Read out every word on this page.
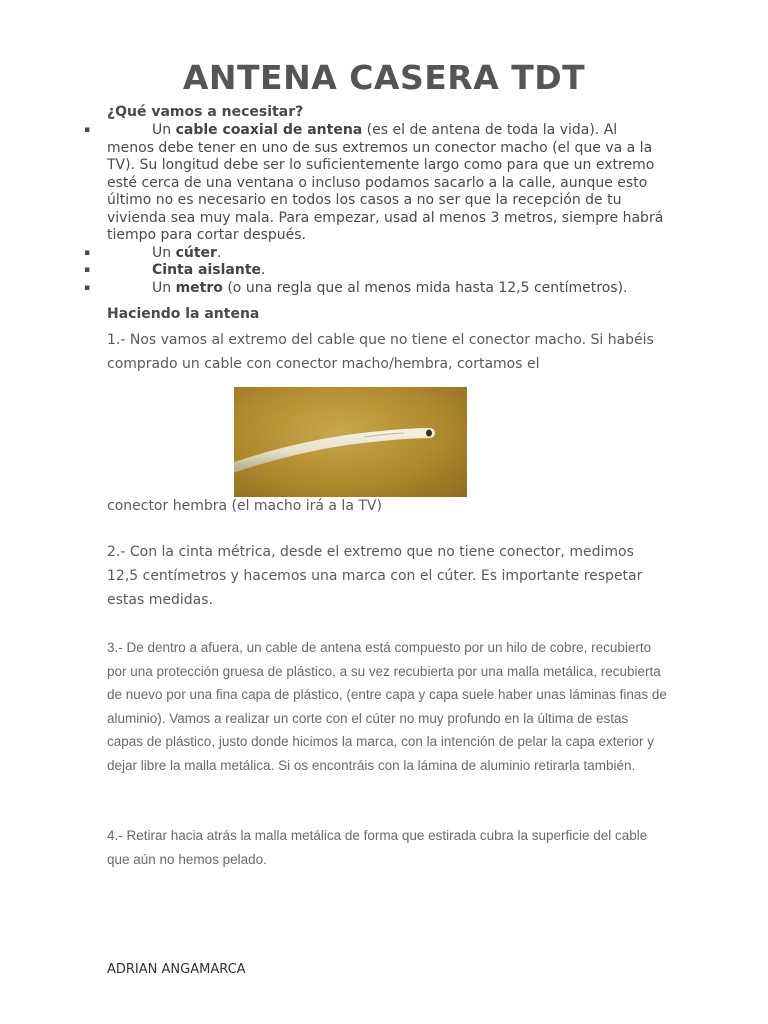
ANTENA CASERA TDT

¿Qué vamos a necesitar?

▪	Un cable coaxial de antena (es el de antena de toda la vida). Al menos debe tener en uno de sus extremos un conector macho (el que va a la TV). Su longitud debe ser lo suficientemente largo como para que un extremo esté cerca de una ventana o incluso podamos sacarlo a la calle, aunque esto último no es necesario en todos los casos a no ser que la recepción de tu vivienda sea muy mala. Para empezar, usad al menos 3 metros, siempre habrá tiempo para cortar después.
▪	Un cúter.
▪	Cinta aislante.
▪	Un metro (o una regla que al menos mida hasta 12,5 centímetros).

Haciendo la antena

1.- Nos vamos al extremo del cable que no tiene el conector macho. Si habéis comprado un cable con conector macho/hembra, cortamos el

conector hembra (el macho irá a la TV)

2.- Con la cinta métrica, desde el extremo que no tiene conector, medimos 12,5 centímetros y hacemos una marca con el cúter. Es importante respetar estas medidas.

3.- De dentro a afuera, un cable de antena está compuesto por un hilo de cobre, recubierto por una protección gruesa de plástico, a su vez recubierta por una malla metálica, recubierta de nuevo por una fina capa de plástico, (entre capa y capa suele haber unas láminas finas de aluminio). Vamos a realizar un corte con el cúter no muy profundo en la última de estas capas de plástico, justo donde hicimos la marca, con la intención de pelar la capa exterior y dejar libre la malla metálica. Si os encontráis con la lámina de aluminio retirarla también.

4.- Retirar hacia atrás la malla metálica de forma que estirada cubra la superficie del cable que aún no hemos pelado.

ADRIAN ANGAMARCA
